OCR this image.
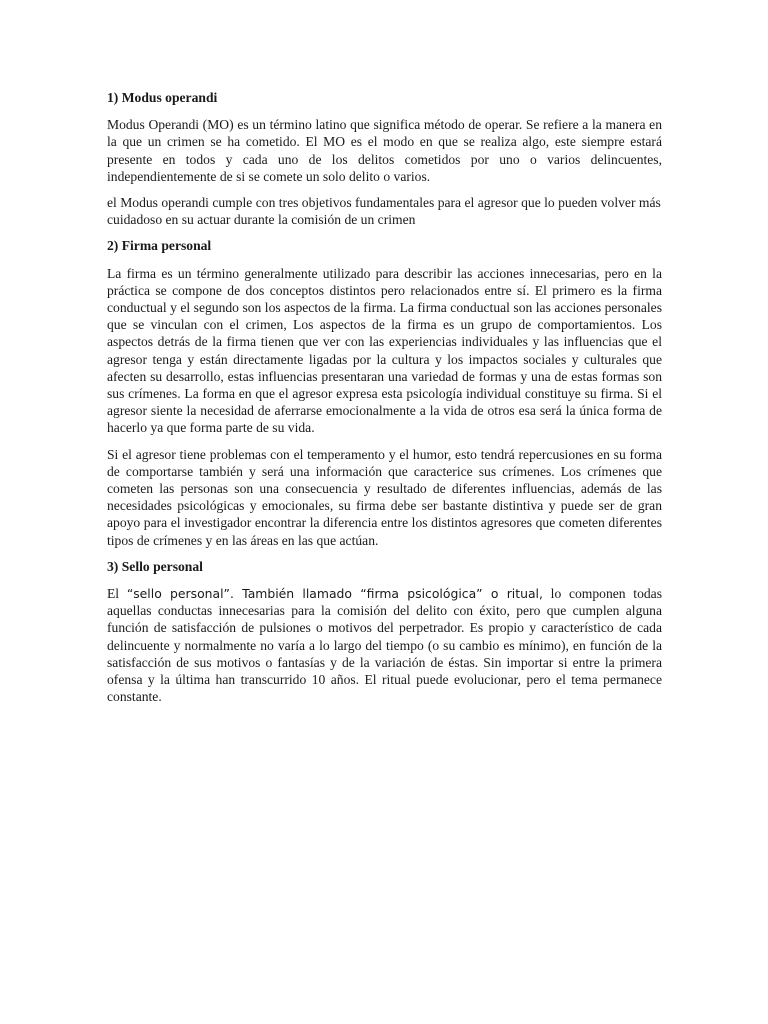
1) Modus operandi

Modus Operandi (MO) es un término latino que significa método de operar. Se refiere a la manera en la que un crimen se ha cometido. El MO es el modo en que se realiza algo, este siempre estará presente en todos y cada uno de los delitos cometidos por uno o varios delincuentes, independientemente de si se comete un solo delito o varios.

el Modus operandi cumple con tres objetivos fundamentales para el agresor que lo pueden volver más cuidadoso en su actuar durante la comisión de un crimen

2) Firma personal

La firma es un término generalmente utilizado para describir las acciones innecesarias, pero en la práctica se compone de dos conceptos distintos pero relacionados entre sí. El primero es la firma conductual y el segundo son los aspectos de la firma. La firma conductual son las acciones personales que se vinculan con el crimen, Los aspectos de la firma es un grupo de comportamientos. Los aspectos detrás de la firma tienen que ver con las experiencias individuales y las influencias que el agresor tenga y están directamente ligadas por la cultura y los impactos sociales y culturales que afecten su desarrollo, estas influencias presentaran una variedad de formas y una de estas formas son sus crímenes. La forma en que el agresor expresa esta psicología individual constituye su firma. Si el agresor siente la necesidad de aferrarse emocionalmente a la vida de otros esa será la única forma de hacerlo ya que forma parte de su vida.

Si el agresor tiene problemas con el temperamento y el humor, esto tendrá repercusiones en su forma de comportarse también y será una información que caracterice sus crímenes. Los crímenes que cometen las personas son una consecuencia y resultado de diferentes influencias, además de las necesidades psicológicas y emocionales, su firma debe ser bastante distintiva y puede ser de gran apoyo para el investigador encontrar la diferencia entre los distintos agresores que cometen diferentes tipos de crímenes y en las áreas en las que actúan.

3) Sello personal

El “sello personal”. También llamado “firma psicológica” o ritual, lo componen todas aquellas conductas innecesarias para la comisión del delito con éxito, pero que cumplen alguna función de satisfacción de pulsiones o motivos del perpetrador. Es propio y característico de cada delincuente y normalmente no varía a lo largo del tiempo (o su cambio es mínimo), en función de la satisfacción de sus motivos o fantasías y de la variación de éstas. Sin importar si entre la primera ofensa y la última han transcurrido 10 años. El ritual puede evolucionar, pero el tema permanece constante.
